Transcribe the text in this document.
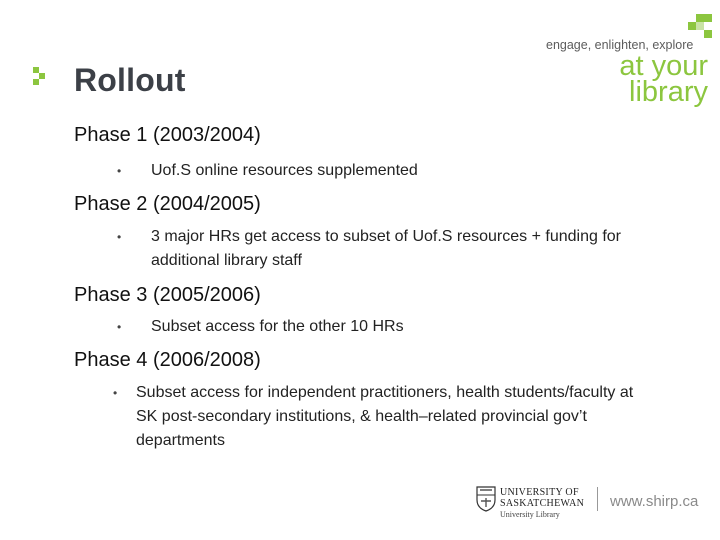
Rollout
engage, enlighten, explore
at your
library
Phase 1 (2003/2004)
• Uof.S online resources supplemented
Phase 2 (2004/2005)
• 3 major HRs get access to subset of Uof.S resources + funding for additional library staff
Phase 3 (2005/2006)
• Subset access for the other 10 HRs
Phase 4 (2006/2008)
• Subset access for independent practitioners, health students/faculty at SK post-secondary institutions, & health–related provincial gov’t departments
UNIVERSITY OF
SASKATCHEWAN
University Library
www.shirp.ca
